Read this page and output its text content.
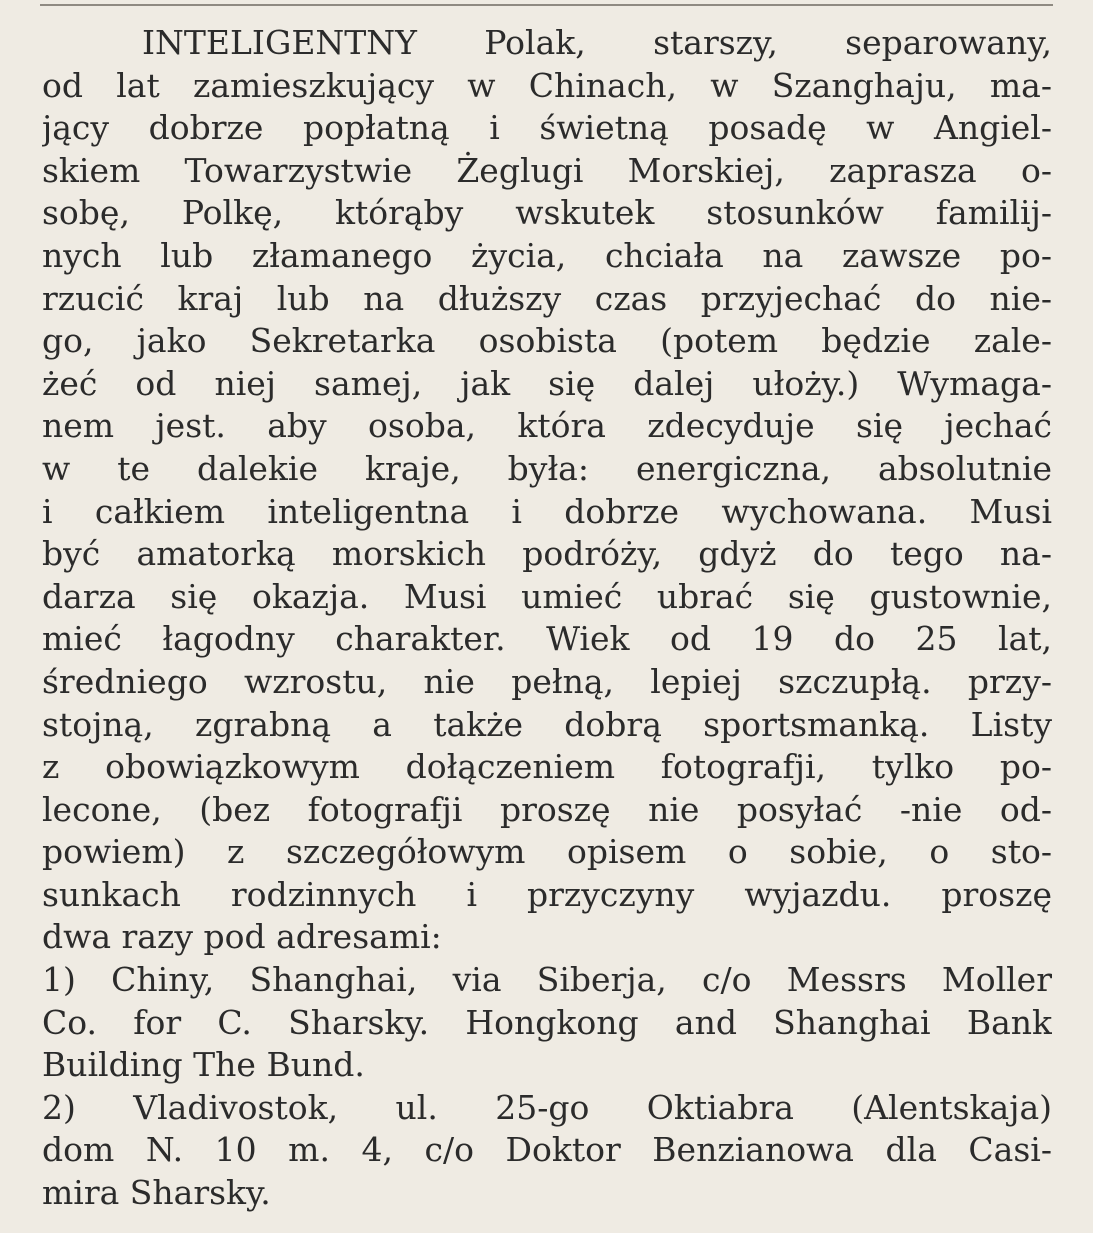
INTELIGENTNY Polak, starszy, separowany,
od lat zamieszkujący w Chinach, w Szanghaju, ma-
jący dobrze popłatną i świetną posadę w Angiel-
skiem Towarzystwie Żeglugi Morskiej, zaprasza o-
sobę, Polkę, którąby wskutek stosunków familij-
nych lub złamanego życia, chciała na zawsze po-
rzucić kraj lub na dłuższy czas przyjechać do nie-
go, jako Sekretarka osobista (potem będzie zale-
żeć od niej samej, jak się dalej ułoży.) Wymaga-
nem jest. aby osoba, która zdecyduje się jechać
w te dalekie kraje, była: energiczna, absolutnie
i całkiem inteligentna i dobrze wychowana. Musi
być amatorką morskich podróży, gdyż do tego na-
darza się okazja. Musi umieć ubrać się gustownie,
mieć łagodny charakter. Wiek od 19 do 25 lat,
średniego wzrostu, nie pełną, lepiej szczupłą. przy-
stojną, zgrabną a także dobrą sportsmanką. Listy
z obowiązkowym dołączeniem fotografji, tylko po-
lecone, (bez fotografji proszę nie posyłać -nie od-
powiem) z szczegółowym opisem o sobie, o sto-
sunkach rodzinnych i przyczyny wyjazdu. proszę
dwa razy pod adresami:
1) Chiny, Shanghai, via Siberja, c/o Messrs Moller
Co. for C. Sharsky. Hongkong and Shanghai Bank
Building The Bund.
2) Vladivostok, ul. 25-go Oktiabra (Alentskaja)
dom N. 10 m. 4, c/o Doktor Benzianowa dla Casi-
mira Sharsky.
